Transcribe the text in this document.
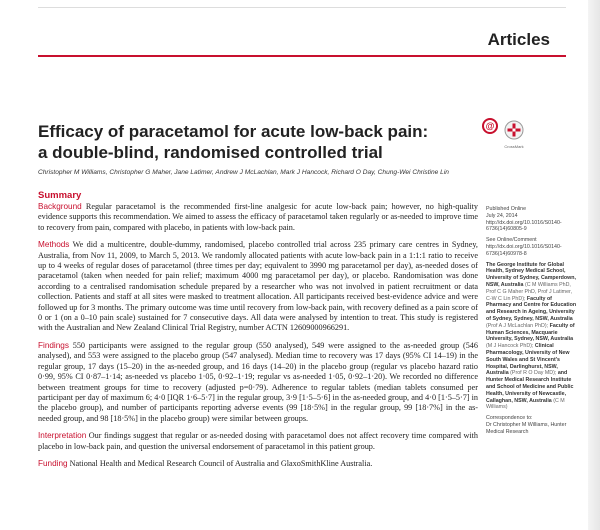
Articles
Efficacy of paracetamol for acute low-back pain:
a double-blind, randomised controlled trial
@
CrossMark
Christopher M Williams, Christopher G Maher, Jane Latimer, Andrew J McLachlan, Mark J Hancock, Richard O Day, Chung-Wei Christine Lin
Summary

Background Regular paracetamol is the recommended first-line analgesic for acute low-back pain; however, no high-quality evidence supports this recommendation. We aimed to assess the efficacy of paracetamol taken regularly or as-needed to improve time to recovery from pain, compared with placebo, in patients with low-back pain.

Methods We did a multicentre, double-dummy, randomised, placebo controlled trial across 235 primary care centres in Sydney, Australia, from Nov 11, 2009, to March 5, 2013. We randomly allocated patients with acute low-back pain in a 1:1:1 ratio to receive up to 4 weeks of regular doses of paracetamol (three times per day; equivalent to 3990 mg paracetamol per day), as-needed doses of paracetamol (taken when needed for pain relief; maximum 4000 mg paracetamol per day), or placebo. Randomisation was done according to a centralised randomisation schedule prepared by a researcher who was not involved in patient recruitment or data collection. Patients and staff at all sites were masked to treatment allocation. All participants received best-evidence advice and were followed up for 3 months. The primary outcome was time until recovery from low-back pain, with recovery defined as a pain score of 0 or 1 (on a 0–10 pain scale) sustained for 7 consecutive days. All data were analysed by intention to treat. This study is registered with the Australian and New Zealand Clinical Trial Registry, number ACTN 12609000966291.

Findings 550 participants were assigned to the regular group (550 analysed), 549 were assigned to the as-needed group (546 analysed), and 553 were assigned to the placebo group (547 analysed). Median time to recovery was 17 days (95% CI 14–19) in the regular group, 17 days (15–20) in the as-needed group, and 16 days (14–20) in the placebo group (regular vs placebo hazard ratio 0·99, 95% CI 0·87–1·14; as-needed vs placebo 1·05, 0·92–1·19; regular vs as-needed 1·05, 0·92–1·20). We recorded no difference between treatment groups for time to recovery (adjusted p=0·79). Adherence to regular tablets (median tablets consumed per participant per day of maximum 6; 4·0 [IQR 1·6–5·7] in the regular group, 3·9 [1·5–5·6] in the as-needed group, and 4·0 [1·5–5·7] in the placebo group), and number of participants reporting adverse events (99 [18·5%] in the regular group, 99 [18·7%] in the as-needed group, and 98 [18·5%] in the placebo group) were similar between groups.

Interpretation Our findings suggest that regular or as-needed dosing with paracetamol does not affect recovery time compared with placebo in low-back pain, and question the universal endorsement of paracetamol in this patient group.

Funding National Health and Medical Research Council of Australia and GlaxoSmithKline Australia.

Published Online
July 24, 2014
http://dx.doi.org/10.1016/S0140-6736(14)60805-9
See Online/Comment
http://dx.doi.org/10.1016/S0140-6736(14)60978-8
The George Institute for Global Health, Sydney Medical School, University of Sydney, Camperdown, NSW, Australia (C M Williams PhD, Prof C G Maher PhD, Prof J Latimer, C-W C Lin PhD); Faculty of Pharmacy and Centre for Education and Research in Ageing, University of Sydney, Sydney, NSW, Australia (Prof A J McLachlan PhD); Faculty of Human Sciences, Macquarie University, Sydney, NSW, Australia (M J Hancock PhD); Clinical Pharmacology, University of New South Wales and St Vincent's Hospital, Darlinghurst, NSW, Australia (Prof R O Day MD); and Hunter Medical Research Institute and School of Medicine and Public Health, University of Newcastle, Callaghan, NSW, Australia (C M Williams)
Correspondence to:
Dr Christopher M Williams, Hunter Medical Research
